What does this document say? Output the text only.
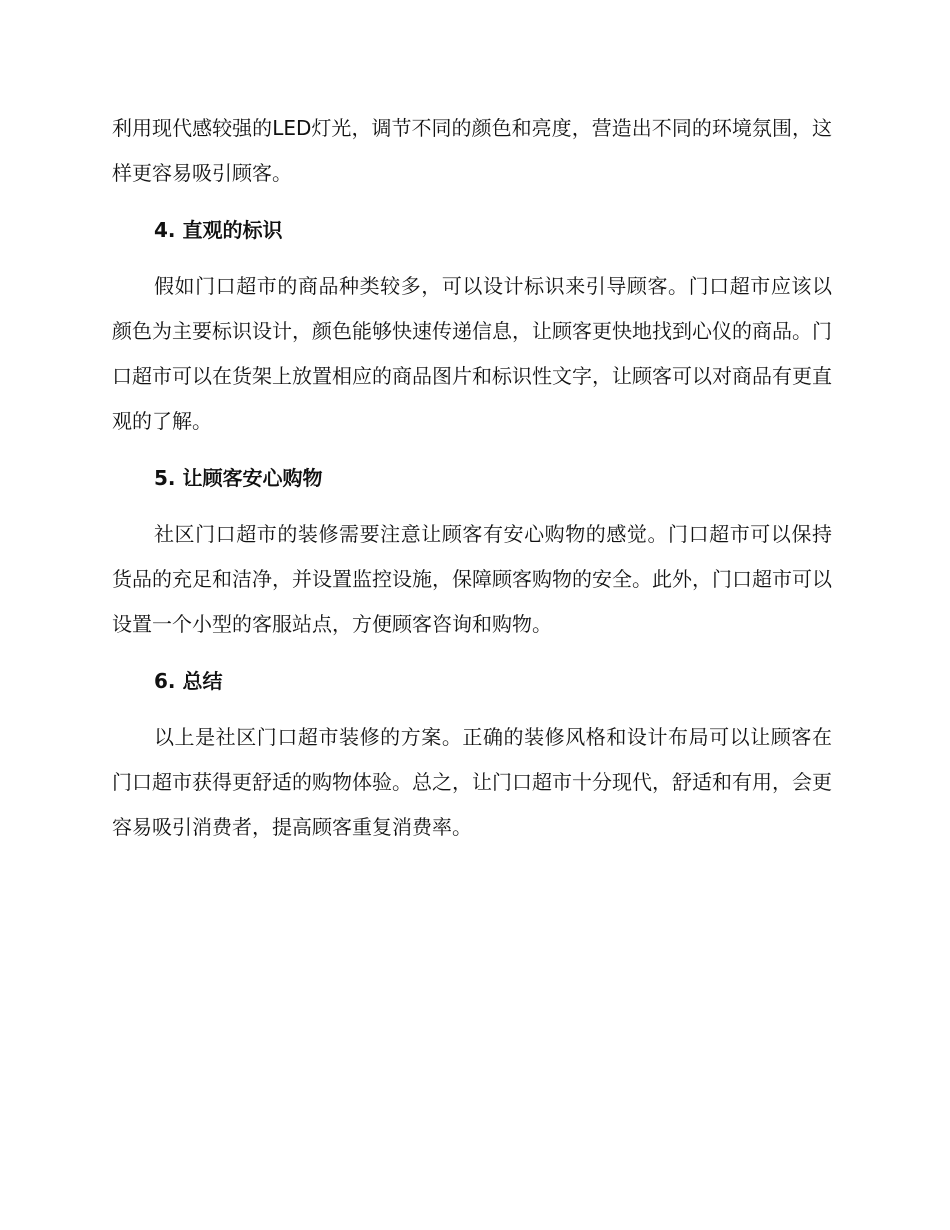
利用现代感较强的LED灯光，调节不同的颜色和亮度，营造出不同的环境氛围，这样更容易吸引顾客。

4. 直观的标识

假如门口超市的商品种类较多，可以设计标识来引导顾客。门口超市应该以颜色为主要标识设计，颜色能够快速传递信息，让顾客更快地找到心仪的商品。门口超市可以在货架上放置相应的商品图片和标识性文字，让顾客可以对商品有更直观的了解。

5. 让顾客安心购物

社区门口超市的装修需要注意让顾客有安心购物的感觉。门口超市可以保持货品的充足和洁净，并设置监控设施，保障顾客购物的安全。此外，门口超市可以设置一个小型的客服站点，方便顾客咨询和购物。

6. 总结

以上是社区门口超市装修的方案。正确的装修风格和设计布局可以让顾客在门口超市获得更舒适的购物体验。总之，让门口超市十分现代，舒适和有用，会更容易吸引消费者，提高顾客重复消费率。
